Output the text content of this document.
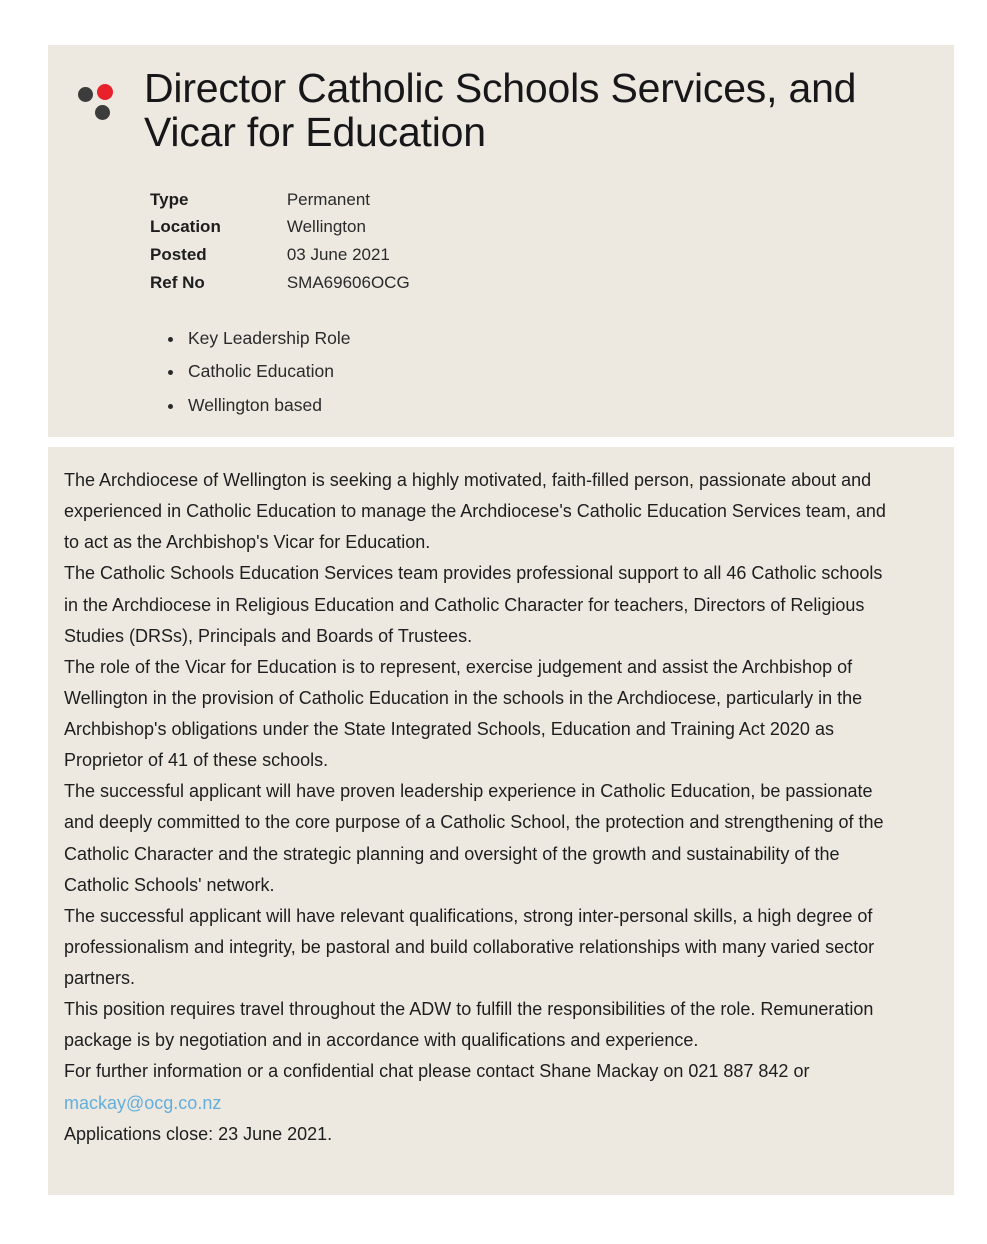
Director Catholic Schools Services, and Vicar for Education
Type	Permanent
Location	Wellington
Posted	03 June 2021
Ref No	SMA69606OCG
Key Leadership Role
Catholic Education
Wellington based

The Archdiocese of Wellington is seeking a highly motivated, faith-filled person, passionate about and experienced in Catholic Education to manage the Archdiocese's Catholic Education Services team, and to act as the Archbishop's Vicar for Education.

The Catholic Schools Education Services team provides professional support to all 46 Catholic schools in the Archdiocese in Religious Education and Catholic Character for teachers, Directors of Religious Studies (DRSs), Principals and Boards of Trustees.

The role of the Vicar for Education is to represent, exercise judgement and assist the Archbishop of Wellington in the provision of Catholic Education in the schools in the Archdiocese, particularly in the Archbishop's obligations under the State Integrated Schools, Education and Training Act 2020 as Proprietor of 41 of these schools.

The successful applicant will have proven leadership experience in Catholic Education, be passionate and deeply committed to the core purpose of a Catholic School, the protection and strengthening of the Catholic Character and the strategic planning and oversight of the growth and sustainability of the Catholic Schools' network.

The successful applicant will have relevant qualifications, strong inter-personal skills, a high degree of professionalism and integrity, be pastoral and build collaborative relationships with many varied sector partners.

This position requires travel throughout the ADW to fulfill the responsibilities of the role. Remuneration package is by negotiation and in accordance with qualifications and experience.

For further information or a confidential chat please contact Shane Mackay on 021 887 842 or mackay@ocg.co.nz

Applications close: 23 June 2021.
